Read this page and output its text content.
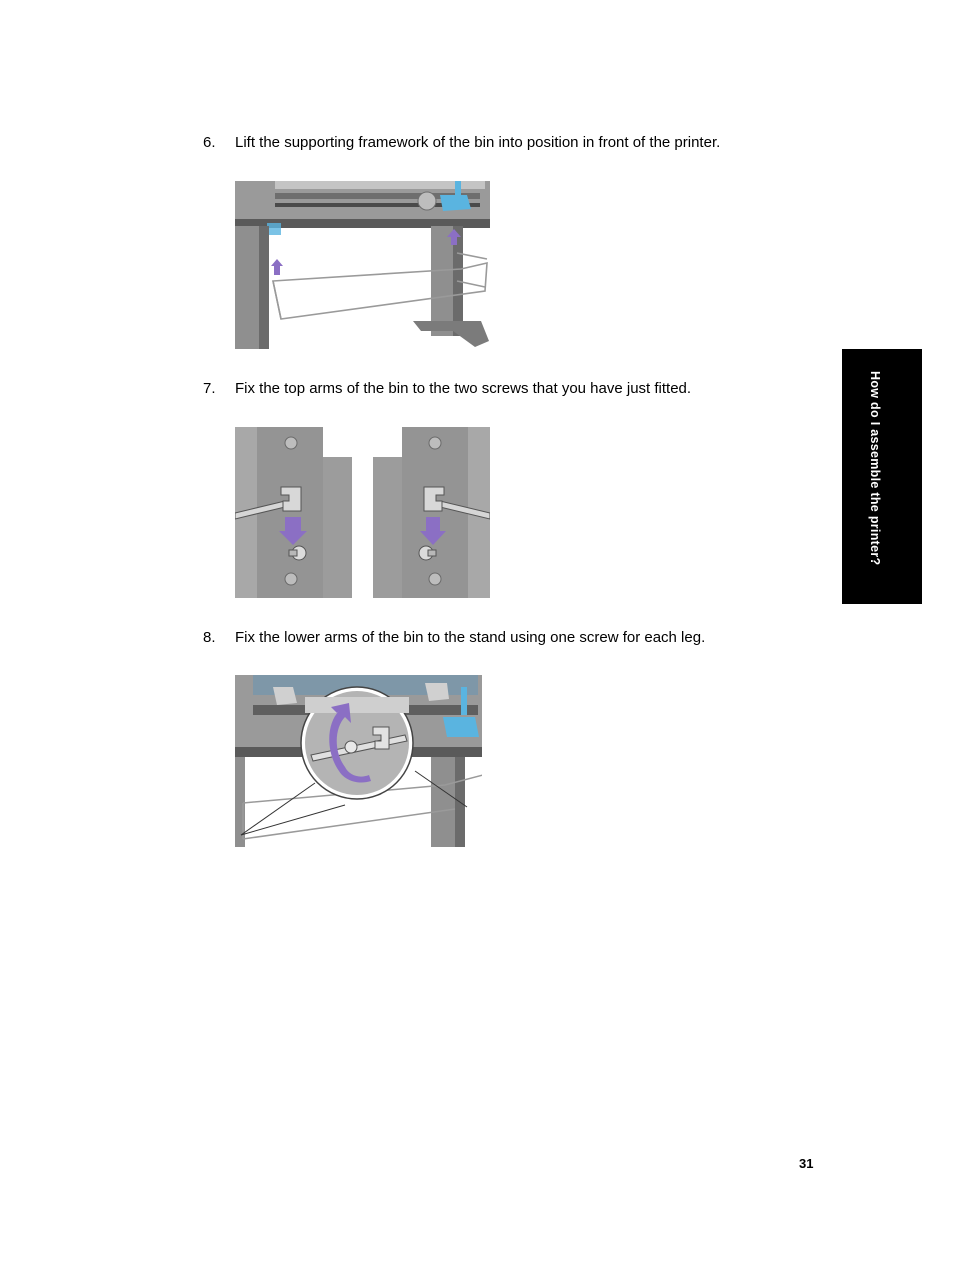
6. Lift the supporting framework of the bin into position in front of the printer.
7. Fix the top arms of the bin to the two screws that you have just fitted.
8. Fix the lower arms of the bin to the stand using one screw for each leg.
How do I assemble the printer?
31
